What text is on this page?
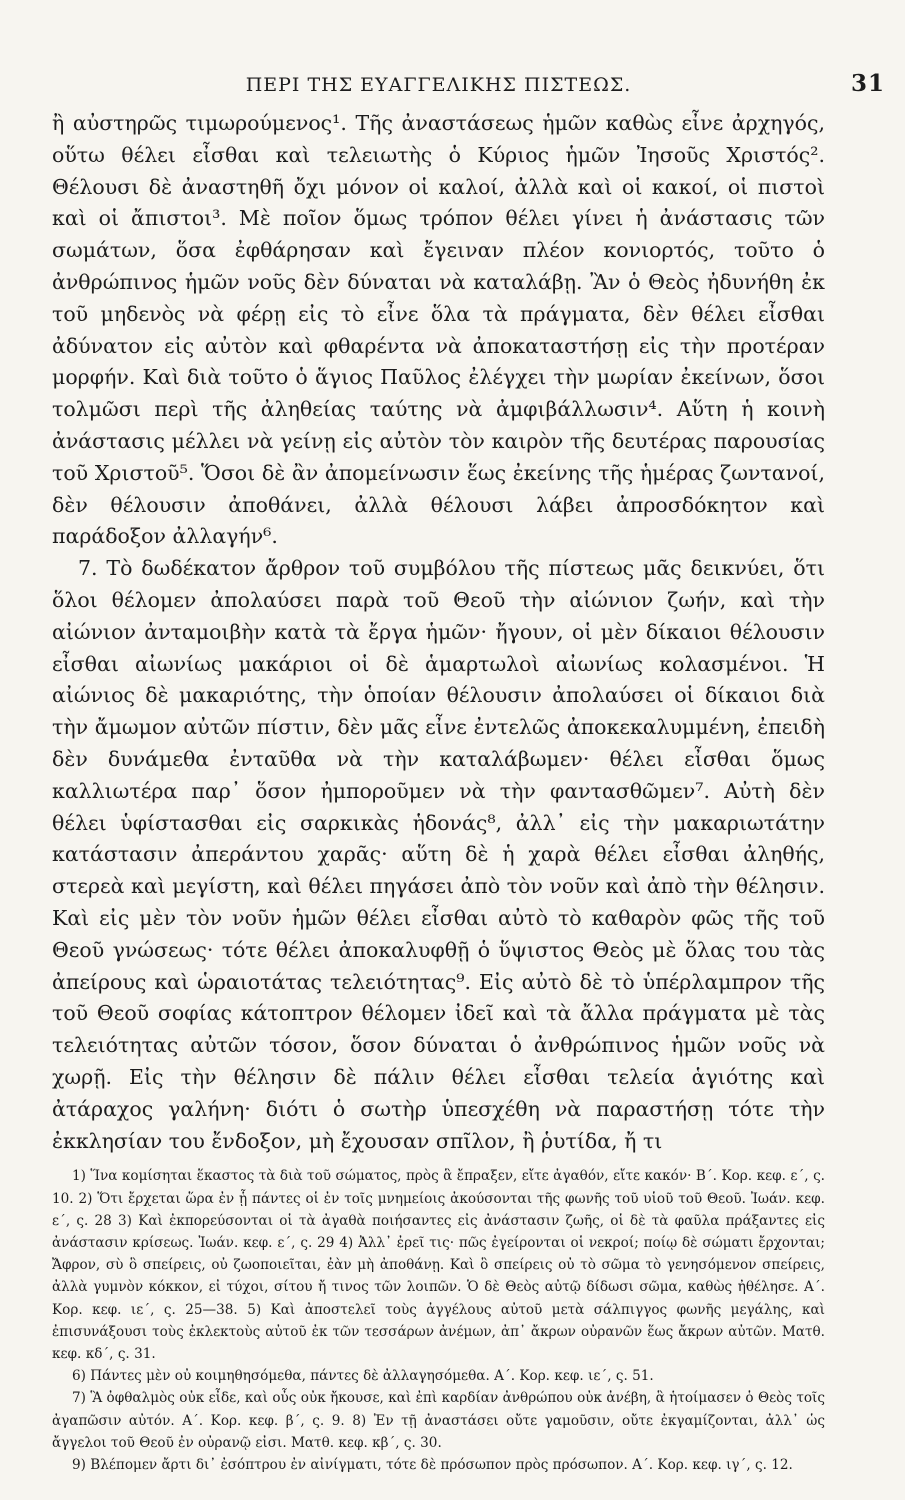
ΠΕΡΙ ΤΗΣ ΕΥΑΓΓΕΛΙΚΗΣ ΠΙΣΤΕΩΣ.	31

ἢ αὐστηρῶς τιμωρούμενος¹. Τῆς ἀναστάσεως ἡμῶν καθὼς εἶνε ἀρχηγός, οὕτω θέλει εἶσθαι καὶ τελειωτὴς ὁ Κύριος ἡμῶν Ἰησοῦς Χριστός². Θέλουσι δὲ ἀναστηθῆ ὄχι μόνον οἱ καλοί, ἀλλὰ καὶ οἱ κακοί, οἱ πιστοὶ καὶ οἱ ἄπιστοι³. Μὲ ποῖον ὅμως τρόπον θέλει γίνει ἡ ἀνάστασις τῶν σωμάτων, ὅσα ἐφθάρησαν καὶ ἔγειναν πλέον κονιορτός, τοῦτο ὁ ἀνθρώπινος ἡμῶν νοῦς δὲν δύναται νὰ καταλάβῃ. Ἂν ὁ Θεὸς ἠδυνήθη ἐκ τοῦ μηδενὸς νὰ φέρῃ εἰς τὸ εἶνε ὅλα τὰ πράγματα, δὲν θέλει εἶσθαι ἀδύνατον εἰς αὐτὸν καὶ φθαρέντα νὰ ἀποκαταστήσῃ εἰς τὴν προτέραν μορφήν. Καὶ διὰ τοῦτο ὁ ἅγιος Παῦλος ἐλέγχει τὴν μωρίαν ἐκείνων, ὅσοι τολμῶσι περὶ τῆς ἀληθείας ταύτης νὰ ἀμφιβάλλωσιν⁴. Αὕτη ἡ κοινὴ ἀνάστασις μέλλει νὰ γείνῃ εἰς αὐτὸν τὸν καιρὸν τῆς δευτέρας παρουσίας τοῦ Χριστοῦ⁵. Ὅσοι δὲ ἂν ἀπομείνωσιν ἕως ἐκείνης τῆς ἡμέρας ζωντανοί, δὲν θέλουσιν ἀποθάνει, ἀλλὰ θέλουσι λάβει ἀπροσδόκητον καὶ παράδοξον ἀλλαγήν⁶.

7. Τὸ δωδέκατον ἄρθρον τοῦ συμβόλου τῆς πίστεως μᾶς δεικνύει, ὅτι ὅλοι θέλομεν ἀπολαύσει παρὰ τοῦ Θεοῦ τὴν αἰώνιον ζωήν, καὶ τὴν αἰώνιον ἀνταμοιβὴν κατὰ τὰ ἔργα ἡμῶν· ἤγουν, οἱ μὲν δίκαιοι θέλουσιν εἶσθαι αἰωνίως μακάριοι οἱ δὲ ἁμαρτωλοὶ αἰωνίως κολασμένοι. Ἡ αἰώνιος δὲ μακαριότης, τὴν ὁποίαν θέλουσιν ἀπολαύσει οἱ δίκαιοι διὰ τὴν ἄμωμον αὐτῶν πίστιν, δὲν μᾶς εἶνε ἐντελῶς ἀποκεκαλυμμένη, ἐπειδὴ δὲν δυνάμεθα ἐνταῦθα νὰ τὴν καταλάβωμεν· θέλει εἶσθαι ὅμως καλλιωτέρα παρ᾽ ὅσον ἠμποροῦμεν νὰ τὴν φαντασθῶμεν⁷. Αὐτὴ δὲν θέλει ὑφίστασθαι εἰς σαρκικὰς ἡδονάς⁸, ἀλλ᾽ εἰς τὴν μακαριωτάτην κατάστασιν ἀπεράντου χαρᾶς· αὕτη δὲ ἡ χαρὰ θέλει εἶσθαι ἀληθής, στερεὰ καὶ μεγίστη, καὶ θέλει πηγάσει ἀπὸ τὸν νοῦν καὶ ἀπὸ τὴν θέλησιν. Καὶ εἰς μὲν τὸν νοῦν ἡμῶν θέλει εἶσθαι αὐτὸ τὸ καθαρὸν φῶς τῆς τοῦ Θεοῦ γνώσεως· τότε θέλει ἀποκαλυφθῇ ὁ ὕψιστος Θεὸς μὲ ὅλας του τὰς ἀπείρους καὶ ὡραιοτάτας τελειότητας⁹. Εἰς αὐτὸ δὲ τὸ ὑπέρλαμπρον τῆς τοῦ Θεοῦ σοφίας κάτοπτρον θέλομεν ἰδεῖ καὶ τὰ ἄλλα πράγματα μὲ τὰς τελειότητας αὐτῶν τόσον, ὅσον δύναται ὁ ἀνθρώπινος ἡμῶν νοῦς νὰ χωρῇ. Εἰς τὴν θέλησιν δὲ πάλιν θέλει εἶσθαι τελεία ἁγιότης καὶ ἀτάραχος γαλήνη· διότι ὁ σωτὴρ ὑπεσχέθη νὰ παραστήσῃ τότε τὴν ἐκκλησίαν του ἔνδοξον, μὴ ἔχουσαν σπῖλον, ἢ ῥυτίδα, ἤ τι

1) Ἵνα κομίσηται ἕκαστος τὰ διὰ τοῦ σώματος, πρὸς ἃ ἔπραξεν, εἴτε ἀγαθόν, εἴτε κακόν· Β΄. Κορ. κεφ. ε΄, ς. 10. 2) Ὅτι ἔρχεται ὥρα ἐν ᾗ πάντες οἱ ἐν τοῖς μνημείοις ἀκούσονται τῆς φωνῆς τοῦ υἱοῦ τοῦ Θεοῦ. Ἰωάν. κεφ. ε΄, ς. 28 3) Καὶ ἐκπορεύσονται οἱ τὰ ἀγαθὰ ποιήσαντες εἰς ἀνάστασιν ζωῆς, οἱ δὲ τὰ φαῦλα πράξαντες εἰς ἀνάστασιν κρίσεως. Ἰωάν. κεφ. ε΄, ς. 29 4) Ἀλλ᾽ ἐρεῖ τις· πῶς ἐγείρονται οἱ νεκροί; ποίῳ δὲ σώματι ἔρχονται; Ἄφρον, σὺ ὃ σπείρεις, οὐ ζωοποιεῖται, ἐὰν μὴ ἀποθάνῃ. Καὶ ὃ σπείρεις οὐ τὸ σῶμα τὸ γενησόμενον σπείρεις, ἀλλὰ γυμνὸν κόκκον, εἰ τύχοι, σίτου ἤ τινος τῶν λοιπῶν. Ὁ δὲ Θεὸς αὐτῷ δίδωσι σῶμα, καθὼς ἠθέλησε. Α΄. Κορ. κεφ. ιε΄, ς. 25—38. 5) Καὶ ἀποστελεῖ τοὺς ἀγγέλους αὐτοῦ μετὰ σάλπιγγος φωνῆς μεγάλης, καὶ ἐπισυνάξουσι τοὺς ἐκλεκτοὺς αὐτοῦ ἐκ τῶν τεσσάρων ἀνέμων, ἀπ᾽ ἄκρων οὐρανῶν ἕως ἄκρων αὐτῶν. Ματθ. κεφ. κδ΄, ς. 31.

6) Πάντες μὲν οὐ κοιμηθησόμεθα, πάντες δὲ ἀλλαγησόμεθα. Α΄. Κορ. κεφ. ιε΄, ς. 51.

7) Ἃ ὀφθαλμὸς οὐκ εἶδε, καὶ οὖς οὐκ ἤκουσε, καὶ ἐπὶ καρδίαν ἀνθρώπου οὐκ ἀνέβη, ἃ ἡτοίμασεν ὁ Θεὸς τοῖς ἀγαπῶσιν αὐτόν. Α΄. Κορ. κεφ. β΄, ς. 9. 8) Ἐν τῇ ἀναστάσει οὔτε γαμοῦσιν, οὔτε ἐκγαμίζονται, ἀλλ᾽ ὡς ἄγγελοι τοῦ Θεοῦ ἐν οὐρανῷ εἰσι. Ματθ. κεφ. κβ΄, ς. 30.

9) Βλέπομεν ἄρτι δι᾽ ἐσόπτρου ἐν αἰνίγματι, τότε δὲ πρόσωπον πρὸς πρόσωπον. Α΄. Κορ. κεφ. ιγ΄, ς. 12.
